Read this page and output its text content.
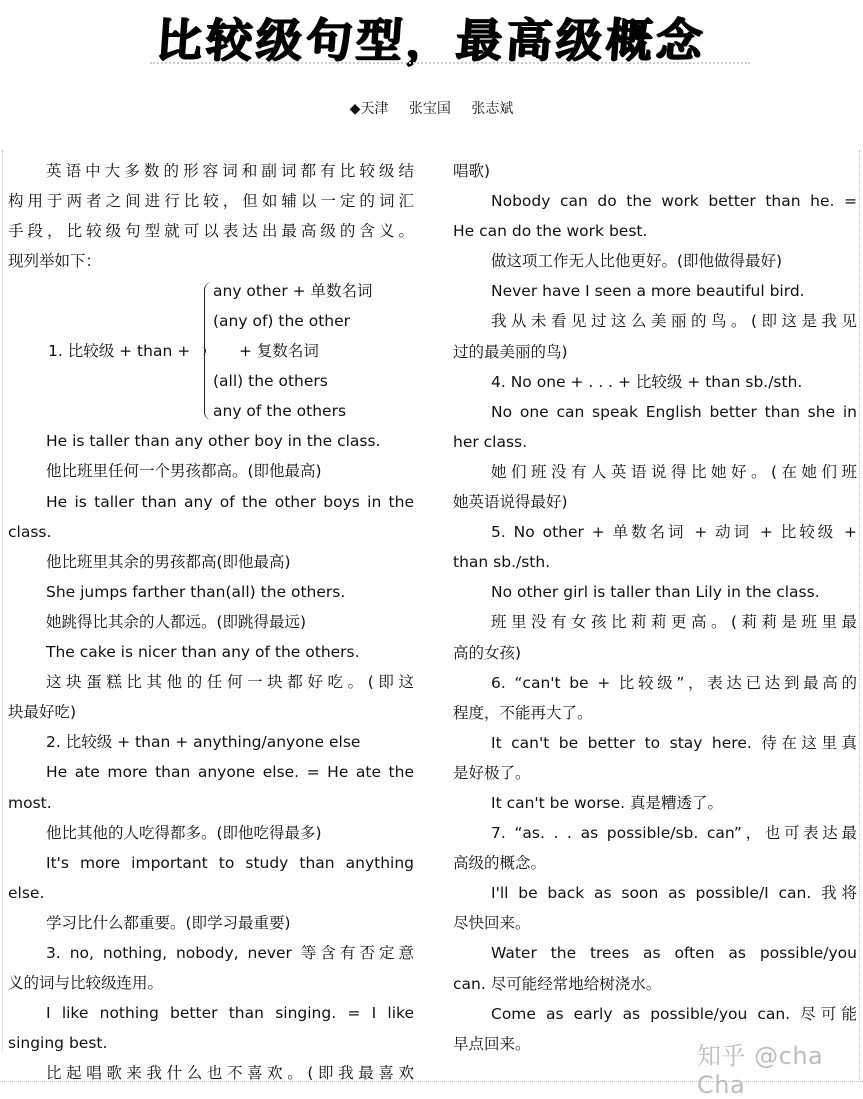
比较级句型，最高级概念
◆天津 张宝国 张志斌
英语中大多数的形容词和副词都有比较级结
构用于两者之间进行比较，但如辅以一定的词汇
手段，比较级句型就可以表达出最高级的含义。
现列举如下：
1. 比较级 + than +
any other + 单数名词
(any of) the other
+ 复数名词
(all) the others
any of the others
He is taller than any other boy in the class.
他比班里任何一个男孩都高。(即他最高)
He is taller than any of the other boys in the
class.
他比班里其余的男孩都高(即他最高)
She jumps farther than(all) the others.
她跳得比其余的人都远。(即跳得最远)
The cake is nicer than any of the others.
这块蛋糕比其他的任何一块都好吃。(即这
块最好吃)
2. 比较级 + than + anything/anyone else
He ate more than anyone else. = He ate the
most.
他比其他的人吃得都多。(即他吃得最多)
It's more important to study than anything
else.
学习比什么都重要。(即学习最重要)
3. no, nothing, nobody, never 等含有否定意
义的词与比较级连用。
I like nothing better than singing. = I like
singing best.
比起唱歌来我什么也不喜欢。(即我最喜欢
唱歌)
Nobody can do the work better than he. =
He can do the work best.
做这项工作无人比他更好。(即他做得最好)
Never have I seen a more beautiful bird.
我从未看见过这么美丽的鸟。(即这是我见
过的最美丽的鸟)
4. No one + . . . + 比较级 + than sb./sth.
No one can speak English better than she in
her class.
她们班没有人英语说得比她好。(在她们班
她英语说得最好)
5. No other + 单数名词 + 动词 + 比较级 +
than sb./sth.
No other girl is taller than Lily in the class.
班里没有女孩比莉莉更高。(莉莉是班里最
高的女孩)
6. “can't be + 比较级”，表达已达到最高的
程度，不能再大了。
It can't be better to stay here. 待在这里真
是好极了。
It can't be worse. 真是糟透了。
7. “as. . . as possible/sb. can”，也可表达最
高级的概念。
I'll be back as soon as possible/I can. 我将
尽快回来。
Water the trees as often as possible/you
can. 尽可能经常地给树浇水。
Come as early as possible/you can. 尽可能
早点回来。	知乎 @cha Cha
